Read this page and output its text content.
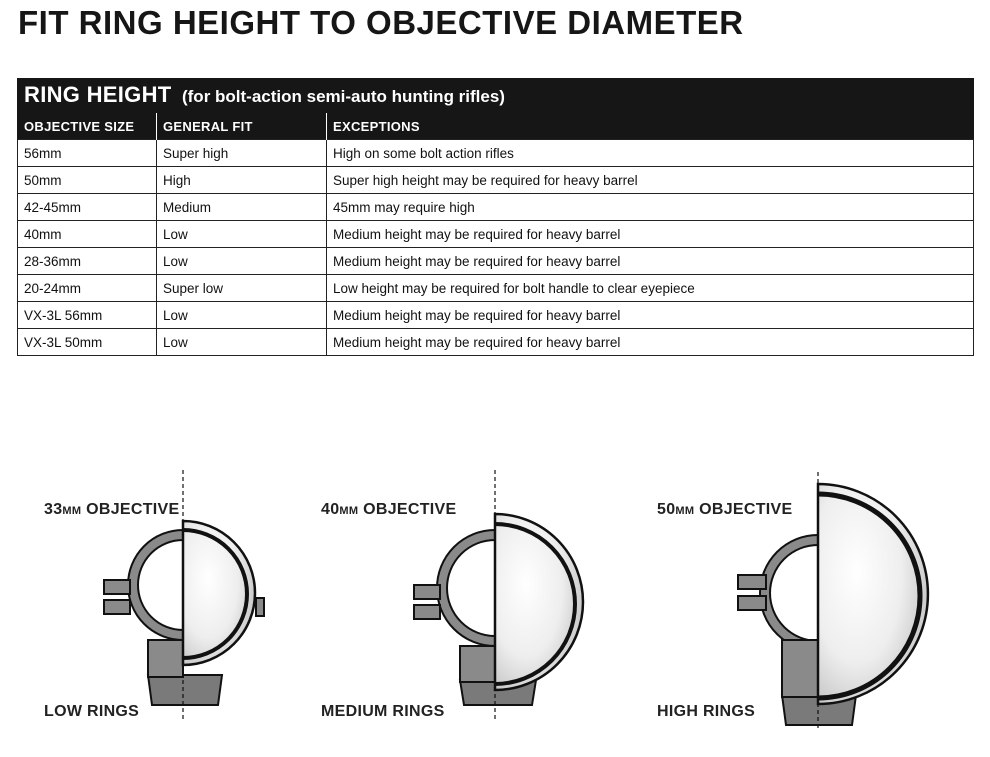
FIT RING HEIGHT TO OBJECTIVE DIAMETER
RING HEIGHT (for bolt-action semi-auto hunting rifles)
OBJECTIVE SIZE	GENERAL FIT	EXCEPTIONS
56mm	Super high	High on some bolt action rifles
50mm	High	Super high height may be required for heavy barrel
42-45mm	Medium	45mm may require high
40mm	Low	Medium height may be required for heavy barrel
28-36mm	Low	Medium height may be required for heavy barrel
20-24mm	Super low	Low height may be required for bolt handle to clear eyepiece
VX-3L 56mm	Low	Medium height may be required for heavy barrel
VX-3L 50mm	Low	Medium height may be required for heavy barrel
33MM OBJECTIVE	40MM OBJECTIVE	50MM OBJECTIVE
LOW RINGS	MEDIUM RINGS	HIGH RINGS
